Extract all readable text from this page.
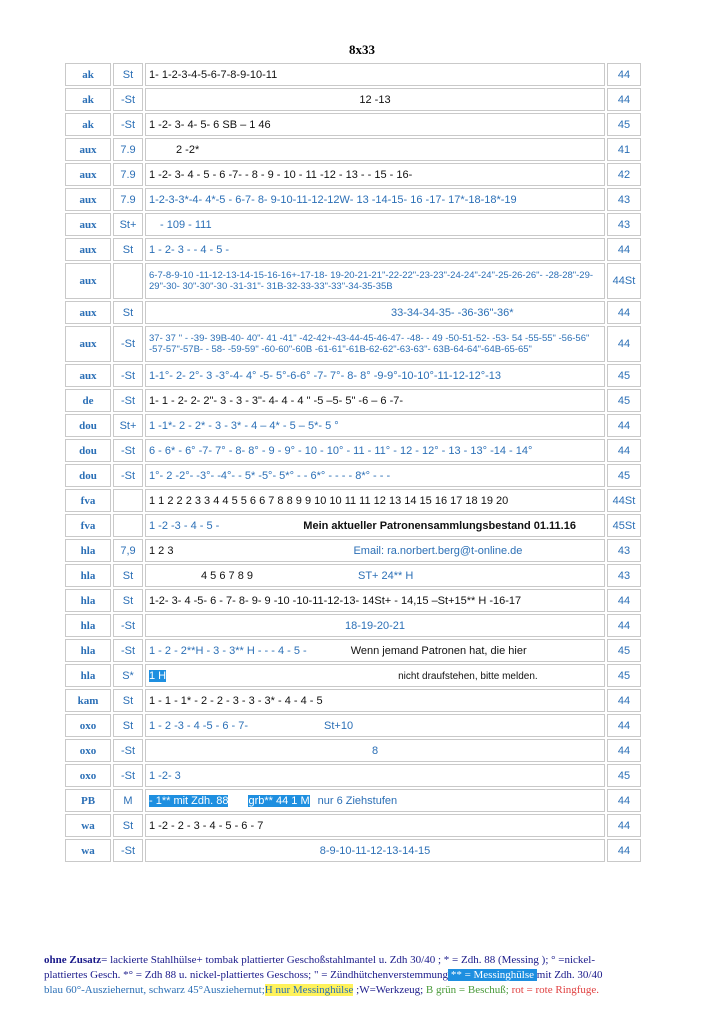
8x33
ak	St	1- 1-2-3-4-5-6-7-8-9-10-11	44
ak	-St	12 -13	44
ak	-St	1 -2- 3- 4- 5- 6 SB – 1 46	45
aux	7.9	2 -2*	41
aux	7.9	1 -2- 3- 4 - 5 - 6 -7- - 8 - 9 - 10 - 11 -12 - 13 - - 15 - 16-	42
aux	7.9	1-2-3-3*-4- 4*-5 - 6-7- 8- 9-10-11-12-12W- 13 -14-15- 16 -17- 17*-18-18*-19	43
aux	St+	- 109 - 111	43
aux	St	1 - 2- 3 - - 4 - 5 -	44
aux		6-7-8-9-10 -11-12-13-14-15-16-16+-17-18- 19-20-21-21"-22-22"-23-23"-24-24"-24"-25-26-26"- -28-28"-29-29"-30- 30"-30"-30 -31-31"- 31B-32-33-33"-33"-34-35-35B	44St
aux	St	33-34-34-35- -36-36"-36*	44
aux	-St	37- 37 '' - -39- 39B-40- 40"- 41 -41" -42-42+-43-44-45-46-47- -48- - 49 -50-51-52- -53- 54 -55-55" -56-56" -57-57"-57B- - 58- -59-59" -60-60"-60B -61-61"-61B-62-62"-63-63"- 63B-64-64"-64B-65-65"	44
aux	-St	1-1°- 2- 2°- 3 -3°-4- 4° -5- 5°-6-6° -7- 7°- 8- 8° -9-9°-10-10°-11-12-12°-13	45
de	-St	1- 1 - 2- 2- 2"- 3 - 3 - 3"- 4- 4 - 4 " -5 –5- 5" -6 – 6 -7-	45
dou	St+	1 -1*- 2 - 2* - 3 - 3* - 4 – 4* - 5 – 5*- 5 °	44
dou	-St	6 - 6* - 6° -7- 7° - 8- 8° - 9 - 9° - 10 - 10° - 11 - 11° - 12 - 12° - 13 - 13° -14 - 14°	44
dou	-St	1°- 2 -2°- -3°- -4°- - 5* -5°- 5*° - - 6*° - - - - 8*° - - -	45
fva		1 1 2 2 2 3 3 4 4 5 5 6 6 7 8 8 9 9 10 10 11 11 12 13 14 15 16 17 18 19 20	44St
fva		1 -2 -3 - 4 - 5 - Mein aktueller Patronensammlungsbestand 01.11.16	45St
hla	7,9	1 2 3 Email: ra.norbert.berg@t-online.de	43
hla	St	4 5 6 7 8 9 ST+ 24** H	43
hla	St	1-2- 3- 4 -5- 6 - 7- 8- 9- 9 -10 -10-11-12-13- 14St+ - 14,15 –St+15** H -16-17	44
hla	-St	18-19-20-21	44
hla	-St	1 - 2 - 2**H - 3 - 3** H - - - 4 - 5 - Wenn jemand Patronen hat, die hier	45
hla	S*	1 H nicht draufstehen, bitte melden.	45
kam	St	1 - 1 - 1* - 2 - 2 - 3 - 3 - 3* - 4 - 4 - 5	44
oxo	St	1 - 2 -3 - 4 -5 - 6 - 7- St+10	44
oxo	-St	8	44
oxo	-St	1 -2- 3	45
PB	M	- 1** mit Zdh. 88 grb** 44 1 M nur 6 Ziehstufen	44
wa	St	1 -2 - 2 - 3 - 4 - 5 - 6 - 7	44
wa	-St	8-9-10-11-12-13-14-15	44
ohne Zusatz= lackierte Stahlhülse+ tombak plattierter Geschoßstahlmantel u. Zdh 30/40 ; * = Zdh. 88 (Messing ); ° =nickel-
plattiertes Gesch. *° = Zdh 88 u. nickel-plattiertes Geschoss; " = Zündhütchenverstemmung ** = Messinghülse mit Zdh. 30/40
blau 60°-Ausziehernut, schwarz 45°Ausziehernut;H nur Messinghülse ;W=Werkzeug; B grün = Beschuß; rot = rote Ringfuge.
